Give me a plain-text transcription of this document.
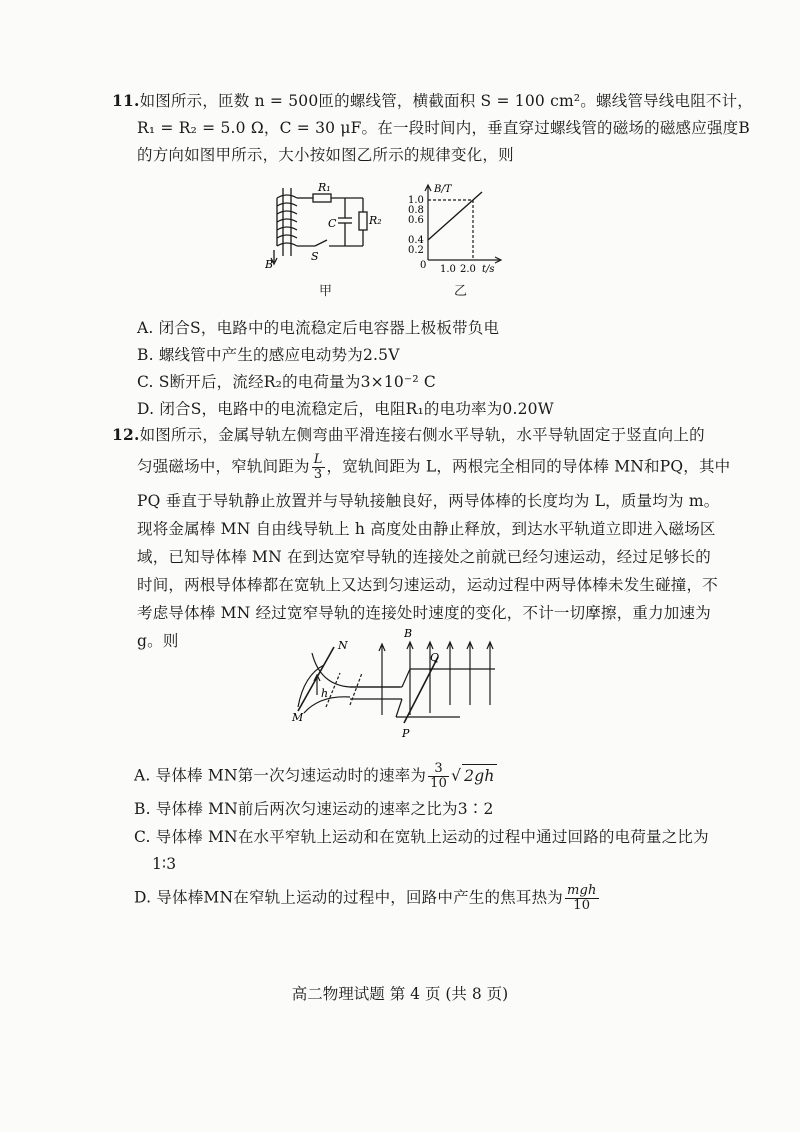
11.如图所示，匝数 n = 500匝的螺线管，横截面积 S = 100 cm²。螺线管导线电阻不计，
R₁ = R₂ = 5.0 Ω，C = 30 μF。在一段时间内，垂直穿过螺线管的磁场的磁感应强度B
的方向如图甲所示，大小按如图乙所示的规律变化，则
R₁
C	R₂
S
B
甲
B/T
1.0
0.8
0.6
0.4
0.2
0 1.0 2.0 t/s
乙
A. 闭合S，电路中的电流稳定后电容器上极板带负电
B. 螺线管中产生的感应电动势为2.5V
C. S断开后，流经R₂的电荷量为3×10⁻² C
D. 闭合S，电路中的电流稳定后，电阻R₁的电功率为0.20W
12.如图所示，金属导轨左侧弯曲平滑连接右侧水平导轨，水平导轨固定于竖直向上的
匀强磁场中，窄轨间距为 $\frac{L}{3}$ ，宽轨间距为 L，两根完全相同的导体棒 MN和PQ，其中
PQ 垂直于导轨静止放置并与导轨接触良好，两导体棒的长度均为 L，质量均为 m。
现将金属棒 MN 自由线导轨上 h 高度处由静止释放，到达水平轨道立即进入磁场区
域，已知导体棒 MN 在到达宽窄导轨的连接处之前就已经匀速运动，经过足够长的
时间，两根导体棒都在宽轨上又达到匀速运动，运动过程中两导体棒未发生碰撞，不
考虑导体棒 MN 经过宽窄导轨的连接处时速度的变化，不计一切摩擦，重力加速为
g。则	N
B
Q
h
M
P
A. 导体棒 MN第一次匀速运动时的速率为 $\frac{3}{10}$ √ 2gh
B. 导体棒 MN前后两次匀速运动的速率之比为3∶2
C. 导体棒 MN在水平窄轨上运动和在宽轨上运动的过程中通过回路的电荷量之比为
1∶3
D. 导体棒MN在窄轨上运动的过程中，回路中产生的焦耳热为 $\frac{\text{mgh}}{10}$
高二物理试题 第 4 页 (共 8 页)
